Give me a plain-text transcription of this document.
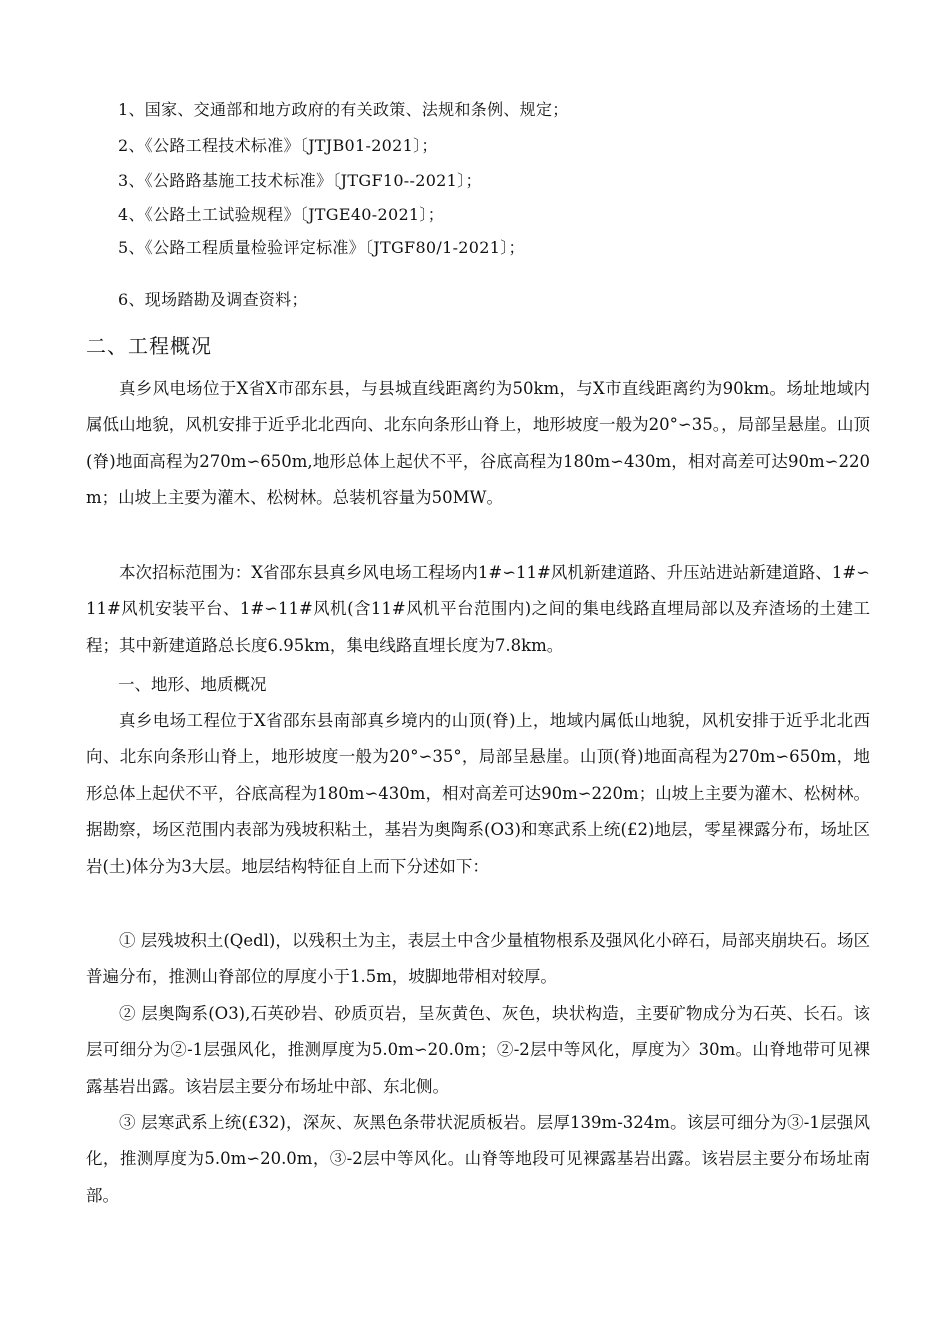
1、国家、交通部和地方政府的有关政策、法规和条例、规定；
2、《公路工程技术标准》〔JTJB01-2021〕；
3、《公路路基施工技术标准》〔JTGF10--2021〕；
4、《公路土工试验规程》〔JTGE40-2021〕；
5、《公路工程质量检验评定标准》〔JTGF80/1-2021〕；
6、现场踏勘及调查资料；
二、工程概况
真乡风电场位于X省X市邵东县，与县城直线距离约为50km，与X市直线距离约为90km。场址地域内属低山地貌，风机安排于近乎北北西向、北东向条形山脊上，地形坡度一般为20°∽35。，局部呈悬崖。山顶(脊)地面高程为270m∽650m,地形总体上起伏不平，谷底高程为180m∽430m，相对高差可达90m∽220m；山坡上主要为灌木、松树林。总装机容量为50MW。
本次招标范围为：X省邵东县真乡风电场工程场内1#∽11#风机新建道路、升压站进站新建道路、1#∽11#风机安装平台、1#∽11#风机(含11#风机平台范围内)之间的集电线路直埋局部以及弃渣场的土建工程；其中新建道路总长度6.95km，集电线路直埋长度为7.8km。
一、地形、地质概况
真乡电场工程位于X省邵东县南部真乡境内的山顶(脊)上，地域内属低山地貌，风机安排于近乎北北西向、北东向条形山脊上，地形坡度一般为20°∽35°，局部呈悬崖。山顶(脊)地面高程为270m∽650m，地形总体上起伏不平，谷底高程为180m∽430m，相对高差可达90m∽220m；山坡上主要为灌木、松树林。据勘察，场区范围内表部为残坡积粘土，基岩为奥陶系(O3)和寒武系上统(£2)地层，零星裸露分布，场址区岩(土)体分为3大层。地层结构特征自上而下分述如下：
① 层残坡积土(Qedl)，以残积土为主，表层土中含少量植物根系及强风化小碎石，局部夹崩块石。场区普遍分布，推测山脊部位的厚度小于1.5m，坡脚地带相对较厚。
② 层奥陶系(O3),石英砂岩、砂质页岩，呈灰黄色、灰色，块状构造，主要矿物成分为石英、长石。该层可细分为②-1层强风化，推测厚度为5.0m∽20.0m；②-2层中等风化，厚度为〉30m。山脊地带可见裸露基岩出露。该岩层主要分布场址中部、东北侧。
③ 层寒武系上统(£32)，深灰、灰黑色条带状泥质板岩。层厚139m-324m。该层可细分为③-1层强风化，推测厚度为5.0m∽20.0m，③-2层中等风化。山脊等地段可见裸露基岩出露。该岩层主要分布场址南部。
